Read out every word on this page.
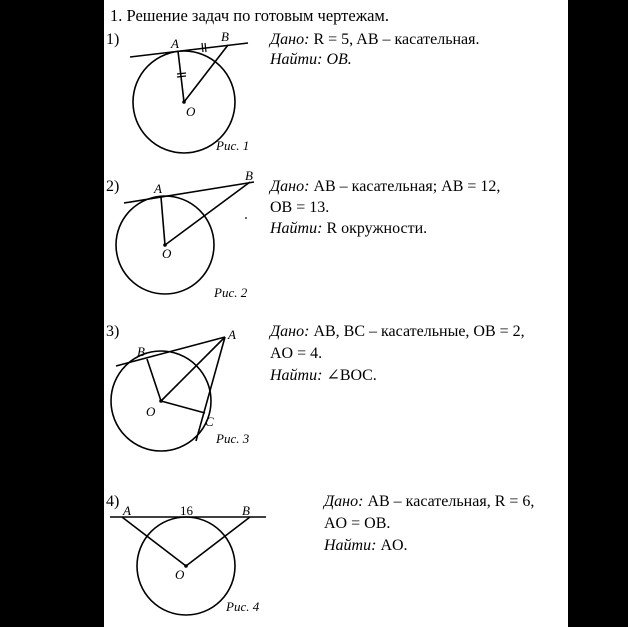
1. Решение задач по готовым чертежам.
1)	Дано: R = 5, AB – касательная.
Найти: OB.
2)	Дано: AB – касательная; AB = 12,
OB = 13.
Найти: R окружности.
3)	Дано: AB, BC – касательные, OB = 2,
AO = 4.
Найти: ∠BOC.
4)	Дано: AB – касательная, R = 6,
AO = OB.
Найти: AO.
A	B
O
Рис. 1
A
B
O
Рис. 2
A
B
C
O
Рис. 3
A	B
O
Рис. 4
16
